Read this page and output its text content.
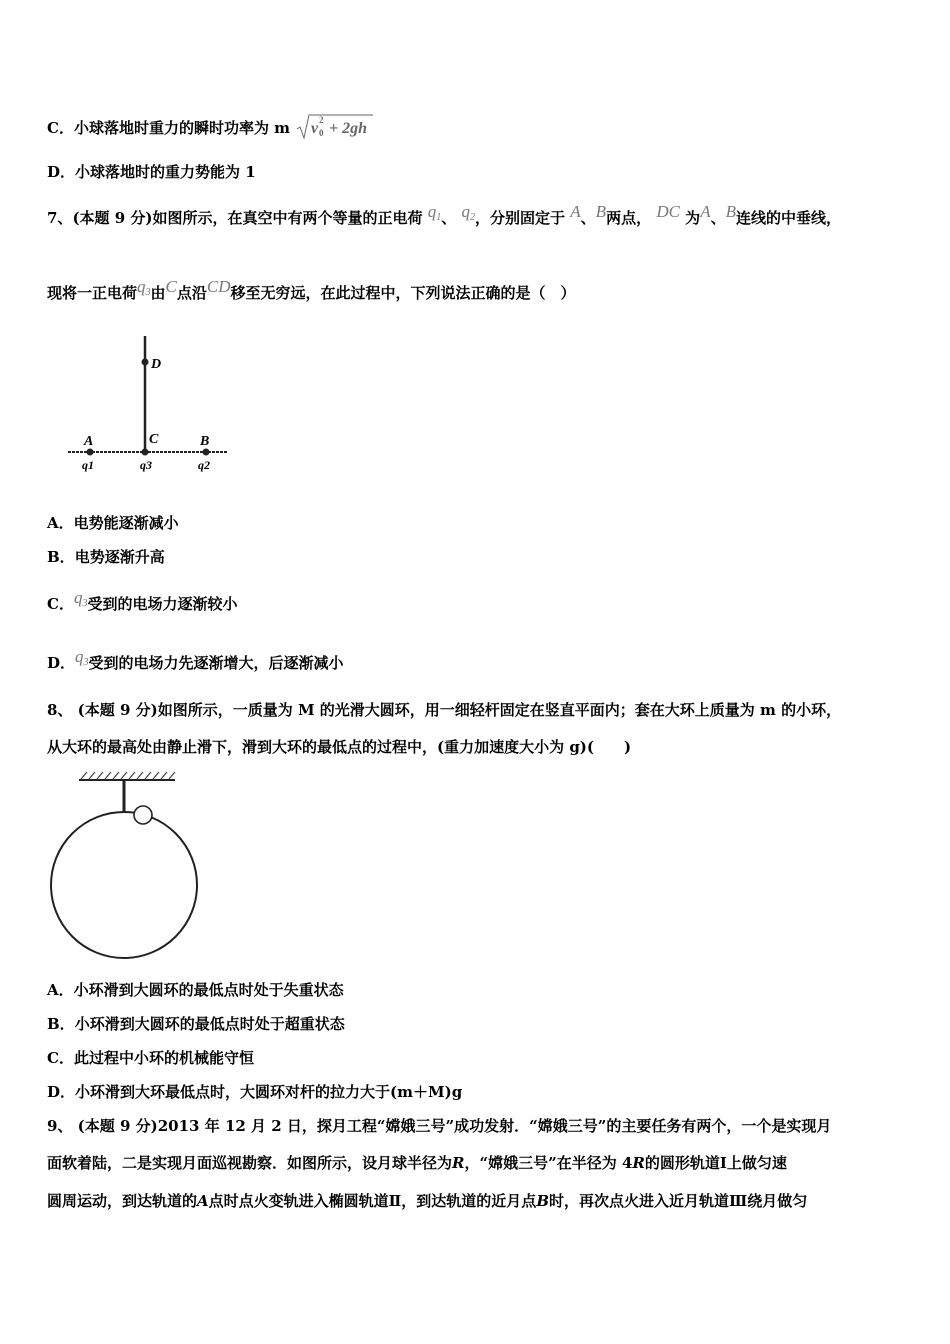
C．小球落地时重力的瞬时功率为 m v 2
0 + 2gh
D．小球落地时的重力势能为 1
7、(本题 9 分)如图所示，在真空中有两个等量的正电荷 $q_1$、 $q_2$，分别固定于 A、B两点， DC 为A、B连线的中垂线，
现将一正电荷$q_3$由C点沿CD移至无穷远，在此过程中，下列说法正确的是（　）
D
C
A	B
q1	q3	q2
A．电势能逐渐减小
B．电势逐渐升高
C．$q_3$受到的电场力逐渐较小
D．$q_3$受到的电场力先逐渐增大，后逐渐减小
8、 (本题 9 分)如图所示，一质量为 M 的光滑大圆环，用一细轻杆固定在竖直平面内；套在大环上质量为 m 的小环，
从大环的最高处由静止滑下，滑到大环的最低点的过程中，(重力加速度大小为 g)(　　)
A．小环滑到大圆环的最低点时处于失重状态
B．小环滑到大圆环的最低点时处于超重状态
C．此过程中小环的机械能守恒
D．小环滑到大环最低点时，大圆环对杆的拉力大于(m＋M)g
9、 (本题 9 分)2013 年 12 月 2 日，探月工程“嫦娥三号”成功发射．“嫦娥三号”的主要任务有两个，一个是实现月
面软着陆，二是实现月面巡视勘察．如图所示，设月球半径为R，“嫦娥三号”在半径为 4R的圆形轨道Ⅰ上做匀速
圆周运动，到达轨道的A点时点火变轨进入椭圆轨道Ⅱ，到达轨道的近月点B时，再次点火进入近月轨道Ⅲ绕月做匀
